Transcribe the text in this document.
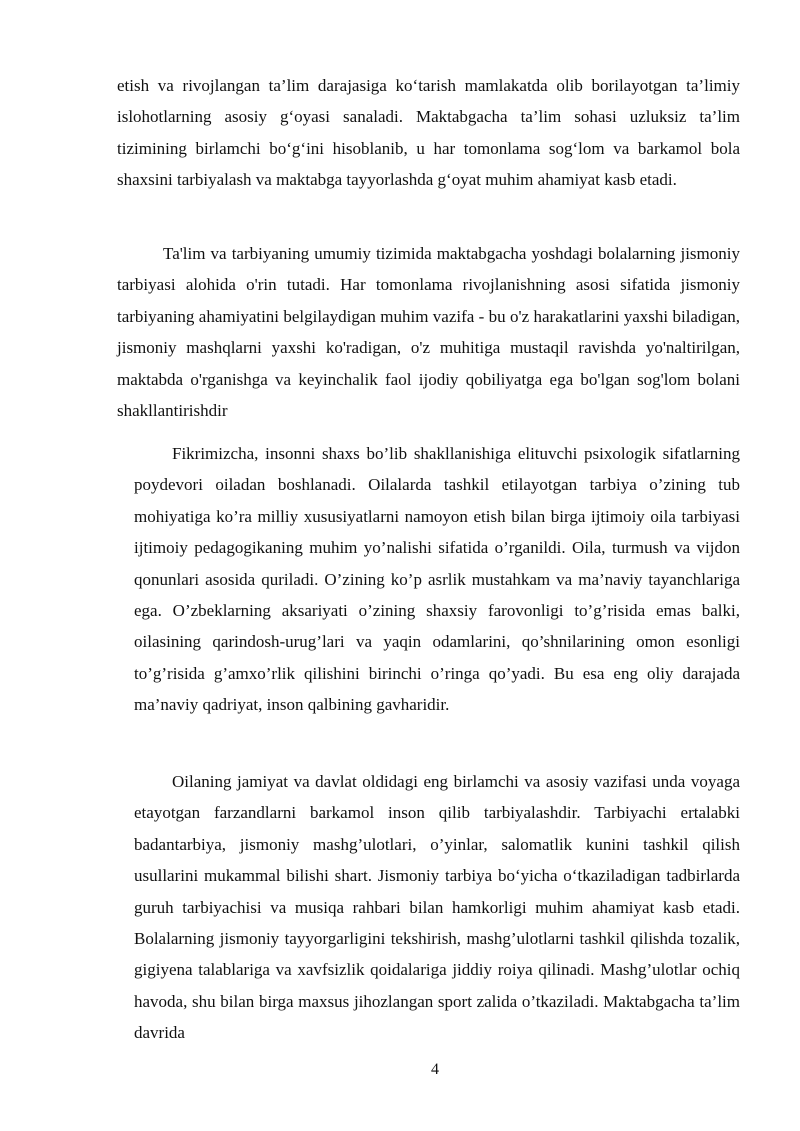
etish va rivojlangan ta’lim darajasiga ko‘tarish mamlakatda olib borilayotgan ta’limiy islohotlarning asosiy g‘oyasi sanaladi. Maktabgacha ta’lim sohasi uzluksiz ta’lim tizimining birlamchi bo‘g‘ini hisoblanib, u har tomonlama sog‘lom va barkamol bola shaxsini tarbiyalash va maktabga tayyorlashda g‘oyat muhim ahamiyat kasb etadi.

Ta'lim va tarbiyaning umumiy tizimida maktabgacha yoshdagi bolalarning jismoniy tarbiyasi alohida o'rin tutadi. Har tomonlama rivojlanishning asosi sifatida jismoniy tarbiyaning ahamiyatini belgilaydigan muhim vazifa - bu o'z harakatlarini yaxshi biladigan, jismoniy mashqlarni yaxshi ko'radigan, o'z muhitiga mustaqil ravishda yo'naltirilgan, maktabda o'rganishga va keyinchalik faol ijodiy qobiliyatga ega bo'lgan sog'lom bolani shakllantirishdir

Fikrimizcha, insonni shaxs bo’lib shakllanishiga elituvchi psixologik sifatlarning poydevori oiladan boshlanadi. Oilalarda tashkil etilayotgan tarbiya o’zining tub mohiyatiga ko’ra milliy xususiyatlarni namoyon etish bilan birga ijtimoiy oila tarbiyasi ijtimoiy pedagogikaning muhim yo’nalishi sifatida o’rganildi. Oila, turmush va vijdon qonunlari asosida quriladi. O’zining ko’p asrlik mustahkam va ma’naviy tayanchlariga ega. O’zbeklarning aksariyati o’zining shaxsiy farovonligi to’g’risida emas balki, oilasining qarindosh-urug’lari va yaqin odamlarini, qo’shnilarining omon esonligi to’g’risida g’amxo’rlik qilishini birinchi o’ringa qo’yadi. Bu esa eng oliy darajada ma’naviy qadriyat, inson qalbining gavharidir.

Oilaning jamiyat va davlat oldidagi eng birlamchi va asosiy vazifasi unda voyaga etayotgan farzandlarni barkamol inson qilib tarbiyalashdir. Tarbiyachi ertalabki badantarbiya, jismoniy mashg’ulotlari, o’yinlar, salomatlik kunini tashkil qilish usullarini mukammal bilishi shart. Jismoniy tarbiya bo‘yicha o‘tkaziladigan tadbirlarda guruh tarbiyachisi va musiqa rahbari bilan hamkorligi muhim ahamiyat kasb etadi. Bolalarning jismoniy tayyorgarligini tekshirish, mashg’ulotlarni tashkil qilishda tozalik, gigiyena talablariga va xavfsizlik qoidalariga jiddiy roiya qilinadi. Mashg’ulotlar ochiq havoda, shu bilan birga maxsus jihozlangan sport zalida o’tkaziladi. Maktabgacha ta’lim davrida

4
